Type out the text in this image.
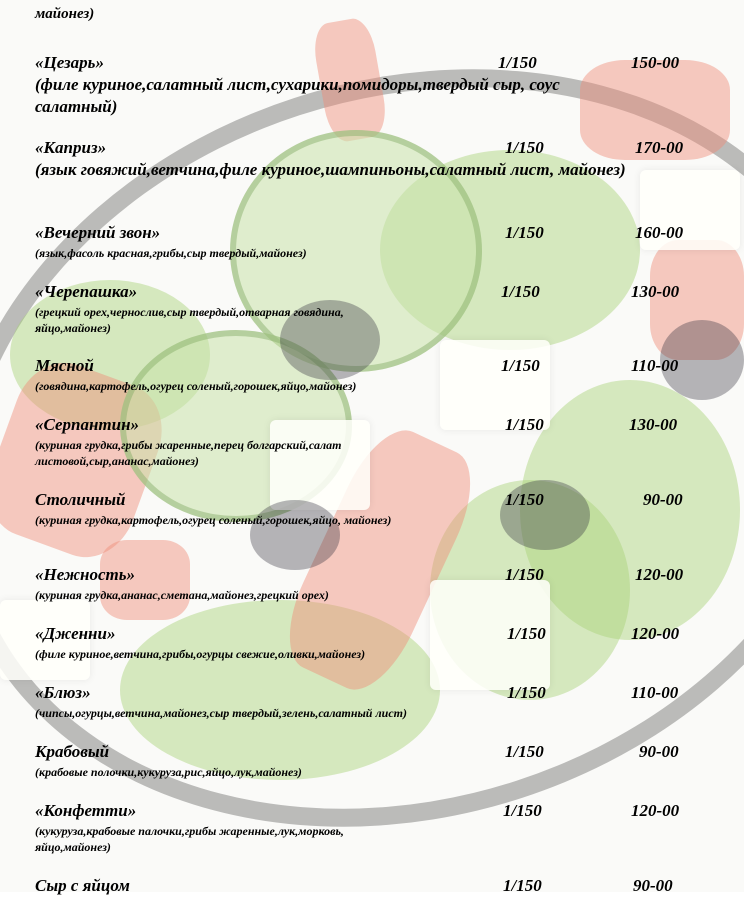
майонез)
«Цезарь»	1/150	150-00
(филе куриное,салатный лист,сухарики,помидоры,твердый сыр, соус салатный)
«Каприз»	1/150	170-00
(язык говяжий,ветчина,филе куриное,шампиньоны,салатный лист, майонез)
«Вечерний звон»	1/150	160-00
(язык,фасоль красная,грибы,сыр твердый,майонез)
«Черепашка»	1/150	130-00
(грецкий орех,чернослив,сыр твердый,отварная говядина, яйцо,майонез)
Мясной	1/150	110-00
(говядина,картофель,огурец соленый,горошек,яйцо,майонез)
«Серпантин»	1/150	130-00
(куриная грудка,грибы жаренные,перец болгарский,салат листовой,сыр,ананас,майонез)
Столичный	1/150	90-00
(куриная грудка,картофель,огурец соленый,горошек,яйцо, майонез)
«Нежность»	1/150	120-00
(куриная грудка,ананас,сметана,майонез,грецкий орех)
«Дженни»	1/150	120-00
(филе куриное,ветчина,грибы,огурцы свежие,оливки,майонез)
«Блюз»	1/150	110-00
(чипсы,огурцы,ветчина,майонез,сыр твердый,зелень,салатный лист)
Крабовый	1/150	90-00
(крабовые полочки,кукуруза,рис,яйцо,лук,майонез)
«Конфетти»	1/150	120-00
(кукуруза,крабовые палочки,грибы жаренные,лук,морковь, яйцо,майонез)
Сыр с яйцом	1/150	90-00
